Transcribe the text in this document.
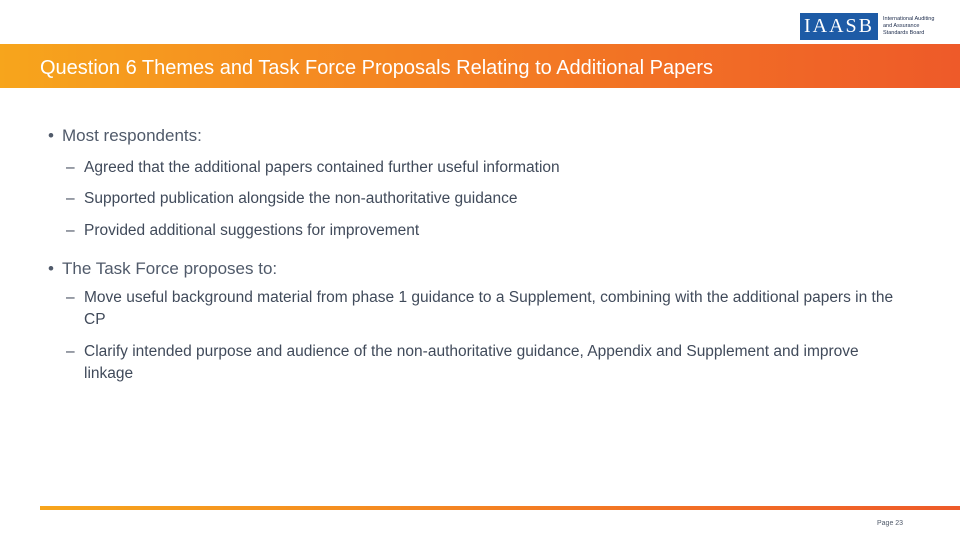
IAASB	International Auditing
and Assurance
Standards Board
Question 6 Themes and Task Force Proposals Relating to Additional Papers
• Most respondents:
– Agreed that the additional papers contained further useful information
– Supported publication alongside the non-authoritative guidance
– Provided additional suggestions for improvement
• The Task Force proposes to:
– Move useful background material from phase 1 guidance to a Supplement, combining with the additional papers in the CP
– Clarify intended purpose and audience of the non-authoritative guidance, Appendix and Supplement and improve linkage
Page 23
